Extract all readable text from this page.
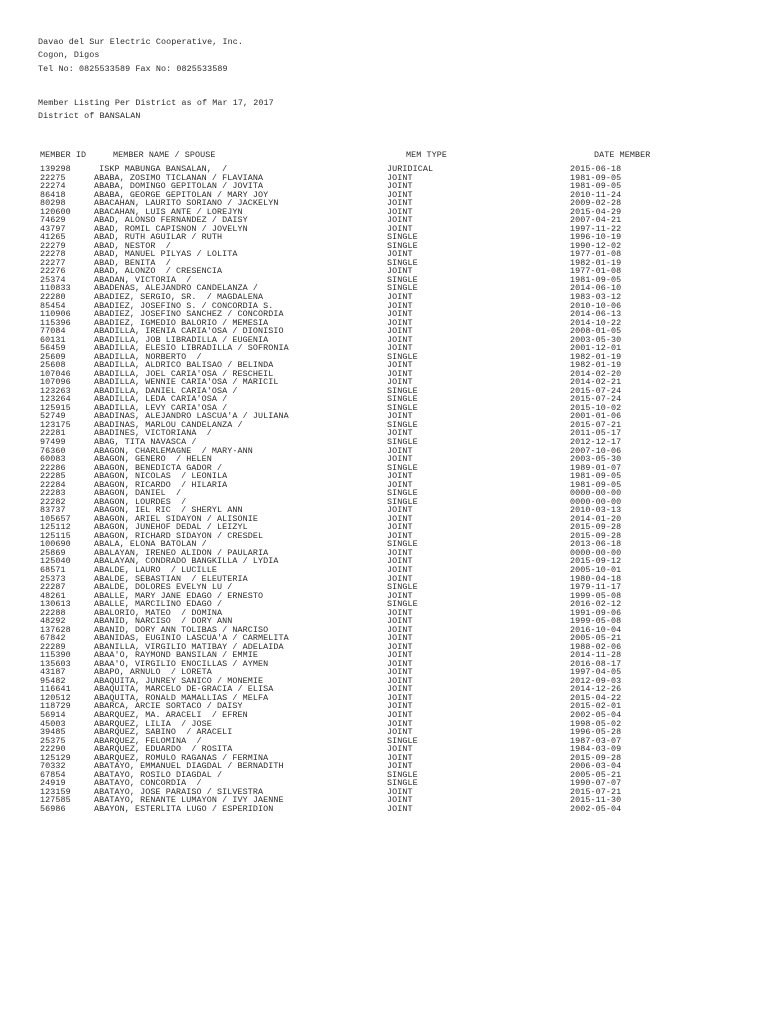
Davao del Sur Electric Cooperative, Inc.
Cogon, Digos
Tel No: 0825533589 Fax No: 0825533589
Member Listing Per District as of Mar 17, 2017
District of BANSALAN
MEMBER ID	MEMBER NAME / SPOUSE	MEM TYPE	DATE MEMBER
139298	ISKP MABUNGA BANSALAN,  /	JURIDICAL	2015-06-18
22275	ABABA, ZOSIMO TICLANAN / FLAVIANA	JOINT	1981-09-05
22274	ABABA, DOMINGO GEPITOLAN / JOVITA	JOINT	1981-09-05
86418	ABABA, GEORGE GEPITOLAN / MARY JOY	JOINT	2010-11-24
80298	ABACAHAN, LAURITO SORIANO / JACKELYN	JOINT	2009-02-28
120600	ABACAHAN, LUIS ANTE / LOREJYN	JOINT	2015-04-29
74629	ABAD, ALONSO FERNANDEZ / DAISY	JOINT	2007-04-21
43797	ABAD, ROMIL CAPISNON / JOVELYN	JOINT	1997-11-22
41265	ABAD, RUTH AGUILAR / RUTH	SINGLE	1996-10-19
22279	ABAD, NESTOR  /	SINGLE	1990-12-02
22278	ABAD, MANUEL PILYAS / LOLITA	JOINT	1977-01-08
22277	ABAD, BENITA  /	SINGLE	1982-01-19
22276	ABAD, ALONZO  / CRESENCIA	JOINT	1977-01-08
25374	ABADAN, VICTORIA  /	SINGLE	1981-09-05
110833	ABADENAS, ALEJANDRO CANDELANZA /	SINGLE	2014-06-10
22280	ABADIEZ, SERGIO, SR.  / MAGDALENA	JOINT	1983-03-12
85454	ABADIEZ, JOSEFINO S. / CONCORDIA S.	JOINT	2010-10-06
110906	ABADIEZ, JOSEFINO SANCHEZ / CONCORDIA	JOINT	2014-06-13
115396	ABADIEZ, IGMEDIO BALORIO / MEMESIA	JOINT	2014-10-22
77084	ABADILLA, IRENIA CARIA'OSA / DIONISIO	JOINT	2008-01-05
60131	ABADILLA, JOB LIBRADILLA / EUGENIA	JOINT	2003-05-30
56459	ABADILLA, ELESIO LIBRADILLA / SOFRONIA	JOINT	2001-12-01
25609	ABADILLA, NORBERTO  /	SINGLE	1982-01-19
25608	ABADILLA, ALDRICO BALISAO / BELINDA	JOINT	1982-01-19
107046	ABADILLA, JOEL CARIA'OSA / RESCHEIL	JOINT	2014-02-20
107096	ABADILLA, WENNIE CARIA'OSA / MARICIL	JOINT	2014-02-21
123263	ABADILLA, DANIEL CARIA'OSA /	SINGLE	2015-07-24
123264	ABADILLA, LEDA CARIA'OSA /	SINGLE	2015-07-24
125915	ABADILLA, LEVY CARIA'OSA /	SINGLE	2015-10-02
52749	ABADINAS, ALEJANDRO LASCUA'A / JULIANA	JOINT	2001-01-06
123175	ABADINAS, MARLOU CANDELANZA /	SINGLE	2015-07-21
22281	ABADINES, VICTORIANA  /	JOINT	2011-05-17
97499	ABAG, TITA NAVASCA /	SINGLE	2012-12-17
76360	ABAGON, CHARLEMAGNE  / MARY-ANN	JOINT	2007-10-06
60083	ABAGON, GENERO  / HELEN	JOINT	2003-05-30
22286	ABAGON, BENEDICTA GADOR /	SINGLE	1989-01-07
22285	ABAGON, NICOLAS  / LEONILA	JOINT	1981-09-05
22284	ABAGON, RICARDO  / HILARIA	JOINT	1981-09-05
22283	ABAGON, DANIEL  /	SINGLE	0000-00-00
22282	ABAGON, LOURDES  /	SINGLE	0000-00-00
83737	ABAGON, IEL RIC  / SHERYL ANN	JOINT	2010-03-13
105657	ABAGON, ARIEL SIDAYON / ALISONIE	JOINT	2014-01-20
125112	ABAGON, JUNEHOF DEDAL / LEIZYL	JOINT	2015-09-28
125115	ABAGON, RICHARD SIDAYON / CRESDEL	JOINT	2015-09-28
100690	ABALA, ELONA BATOLAN /	SINGLE	2013-06-18
25869	ABALAYAN, IRENEO ALIDON / PAULARIA	JOINT	0000-00-00
125040	ABALAYAN, CONDRADO BANGKILLA / LYDIA	JOINT	2015-09-12
68571	ABALDE, LAURO  / LUCILLE	JOINT	2005-10-01
25373	ABALDE, SEBASTIAN  / ELEUTERIA	JOINT	1980-04-18
22287	ABALDE, DOLORES EVELYN LU /	SINGLE	1979-11-17
48261	ABALLE, MARY JANE EDAGO / ERNESTO	JOINT	1999-05-08
130613	ABALLE, MARCILINO EDAGO /	SINGLE	2016-02-12
22288	ABALORIO, MATEO  / DOMINA	JOINT	1991-09-06
48292	ABANID, NARCISO  / DORY ANN	JOINT	1999-05-08
137628	ABANID, DORY ANN TOLIBAS / NARCISO	JOINT	2016-10-04
67842	ABANIDAS, EUGINIO LASCUA'A / CARMELITA	JOINT	2005-05-21
22289	ABANILLA, VIRGILIO MATIBAY / ADELAIDA	JOINT	1988-02-06
115390	ABAA'O, RAYMOND BANSILAN / EMMIE	JOINT	2014-11-28
135603	ABAA'O, VIRGILIO ENOCILLAS / AYMEN	JOINT	2016-08-17
43187	ABAPO, ARNULO  / LORETA	JOINT	1997-04-05
95482	ABAQUITA, JUNREY SANICO / MONEMIE	JOINT	2012-09-03
116641	ABAQUITA, MARCELO DE-GRACIA / ELISA	JOINT	2014-12-26
120512	ABAQUITA, RONALD MAMALLIAS / MELFA	JOINT	2015-04-22
118729	ABARCA, ARCIE SORTACO / DAISY	JOINT	2015-02-01
56914	ABARQUEZ, MA. ARACELI  / EFREN	JOINT	2002-05-04
45003	ABARQUEZ, LILIA  / JOSE	JOINT	1998-05-02
39485	ABARQUEZ, SABINO  / ARACELI	JOINT	1996-05-28
25375	ABARQUEZ, FELOMINA  /	SINGLE	1987-03-07
22290	ABARQUEZ, EDUARDO  / ROSITA	JOINT	1984-03-09
125129	ABARQUEZ, ROMULO RAGANAS / FERMINA	JOINT	2015-09-28
70332	ABATAYO, EMMANUEL DIAGDAL / BERNADITH	JOINT	2006-03-04
67854	ABATAYO, ROSILO DIAGDAL /	SINGLE	2005-05-21
24919	ABATAYO, CONCORDIA  /	SINGLE	1990-07-07
123159	ABATAYO, JOSE PARAISO / SILVESTRA	JOINT	2015-07-21
127585	ABATAYO, RENANTE LUMAYON / IVY JAENNE	JOINT	2015-11-30
56986	ABAYON, ESTERLITA LUGO / ESPERIDION	JOINT	2002-05-04
